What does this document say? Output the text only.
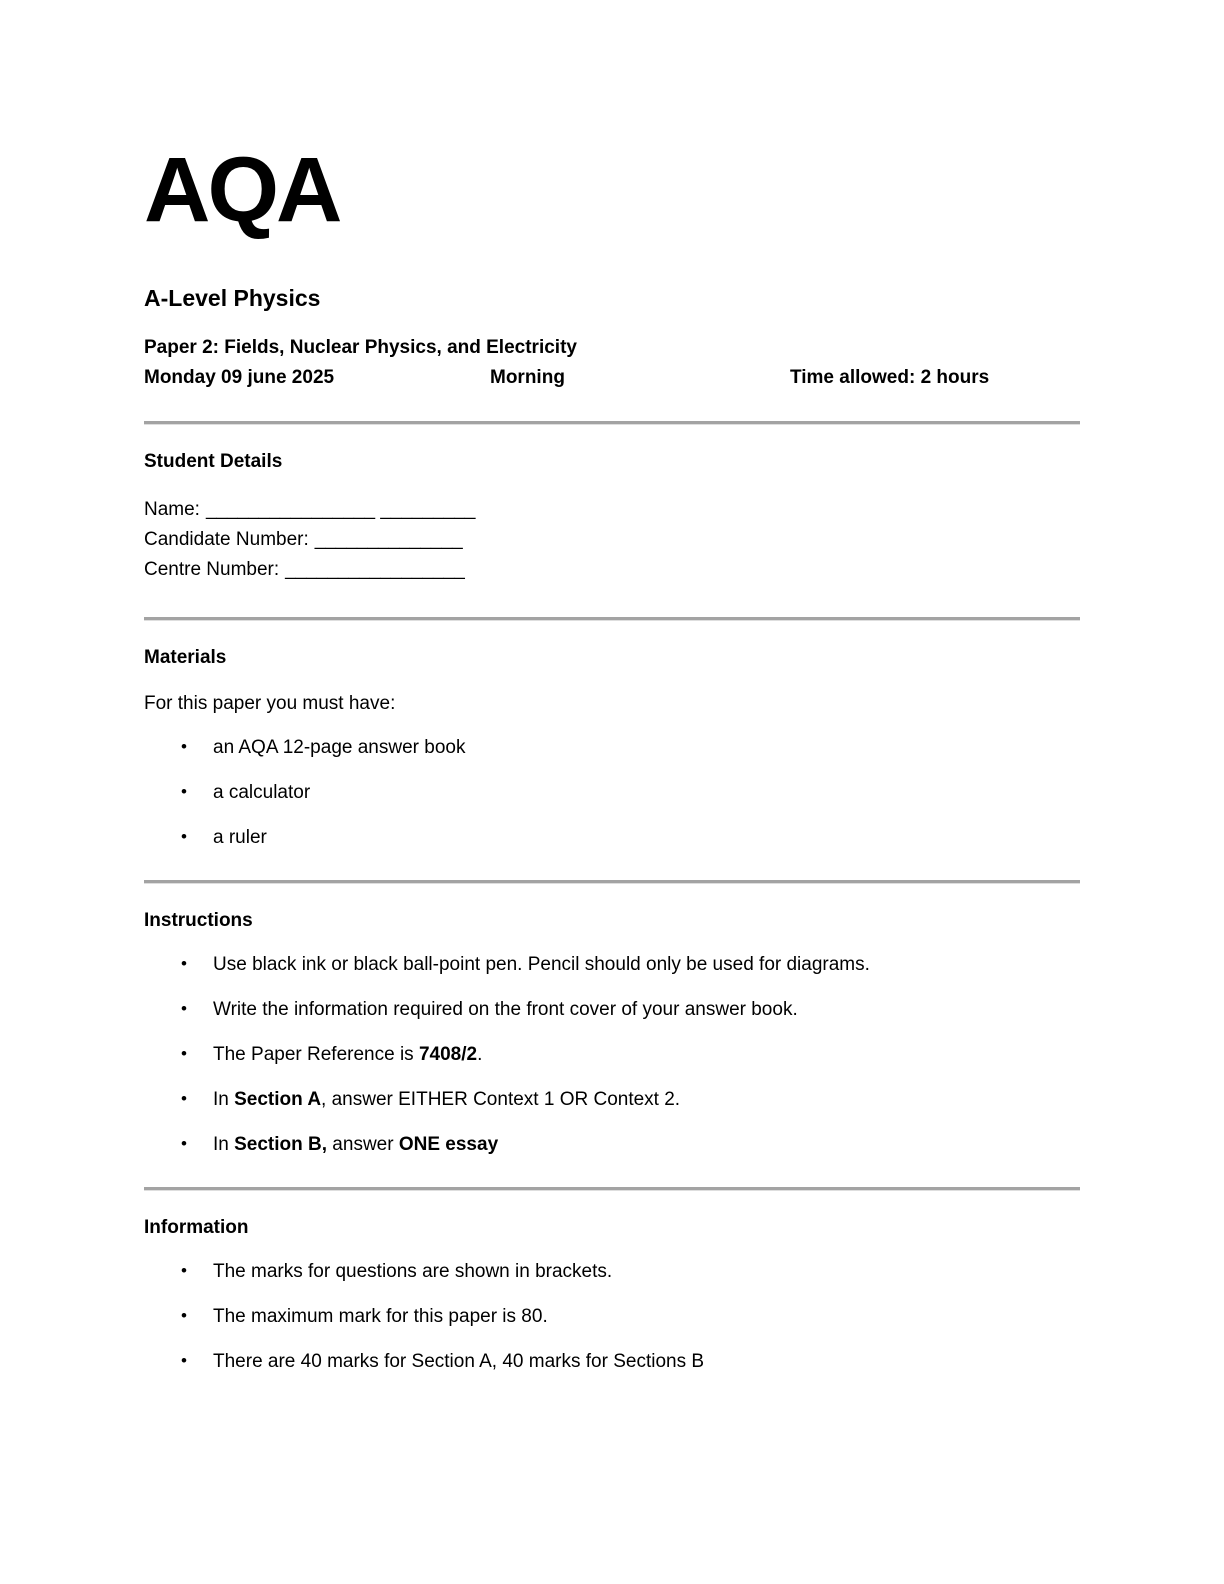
AQA
A-Level Physics
Paper 2: Fields, Nuclear Physics, and Electricity
Monday 09 june 2025	Morning	Time allowed: 2 hours
Student Details
Name: ________________ _________
Candidate Number: ______________
Centre Number: _________________
Materials
For this paper you must have:
•	an AQA 12-page answer book
•	a calculator
•	a ruler
Instructions
•	Use black ink or black ball-point pen. Pencil should only be used for diagrams.
•	Write the information required on the front cover of your answer book.
•	The Paper Reference is 7408/2.
•	In Section A, answer EITHER Context 1 OR Context 2.
•	In Section B, answer ONE essay
Information
•	The marks for questions are shown in brackets.
•	The maximum mark for this paper is 80.
•	There are 40 marks for Section A, 40 marks for Sections B
